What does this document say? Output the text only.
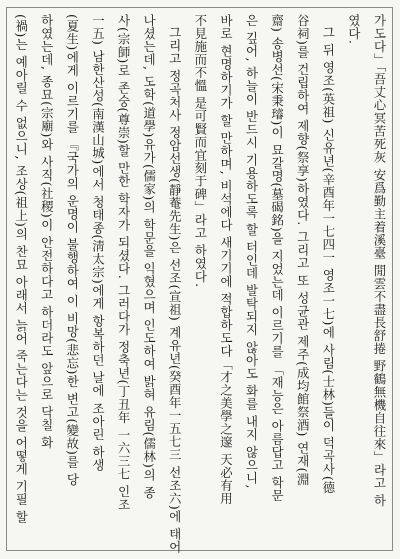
가도다」「吾丈心冥苦死灰 安爲勤主着溪臺 閒雲不盡長舒捲 野鶴無機自往來」라고 하
였다.
그 뒤 영조(英祖) 신유년(辛酉年一七四一 영조一七)에 사림(士林)들이 덕곡사(德
谷祠)를 건립하여 제향(祭享)하였다. 그리고 또 성균관 제주(成均館祭酒) 연재(淵
齋) 송병선(宋秉璿)이 묘갈명(墓碣銘)을 지었는데 이르기를 「재능은 아름답고 학문
은 깊어, 하늘이 반드시 기용하도록 할 터인데 발탁되지 않아도 화를 내지 않으니,
바로 현명하기가 할 만하며, 비석에다 새기기에 적합하도다「才之美學之邃 天必有用
不見施而不慍 是可賢而宜刻于碑」라고 하였다.
그리고 정곡처사 정암선생(靜菴先生)은 선조(宣祖) 계유년(癸酉年一五七三 선조六)에 태어
나셨는데, 도학(道學)유가(儒家)의 학문을 익혔으며 인도하여 밝혀 유림(儒林)의 종
사(宗師)로 존숭(尊崇)할 만한 학자가 되셨다. 그러다가 정축년(丁丑年 一六三七 인조
一五) 남한산성(南漢山城)에서 청태종(淸太宗)에게 항복하던 날에 조아린 하생
(夏生)에게 이르기를 『국가의 운명이 불행하여 이 비망(悲忘)한 변고(變故)를 당
하였는데, 종묘(宗廟)와 사직(社稷)이 안전하다고 하더라도 앞으로 닥칠 화
(禍)는 예아릴 수 없으니, 조상(祖上)의 찬묘 아래서 늙어 죽는다는 것을 어떻게 기필 할
